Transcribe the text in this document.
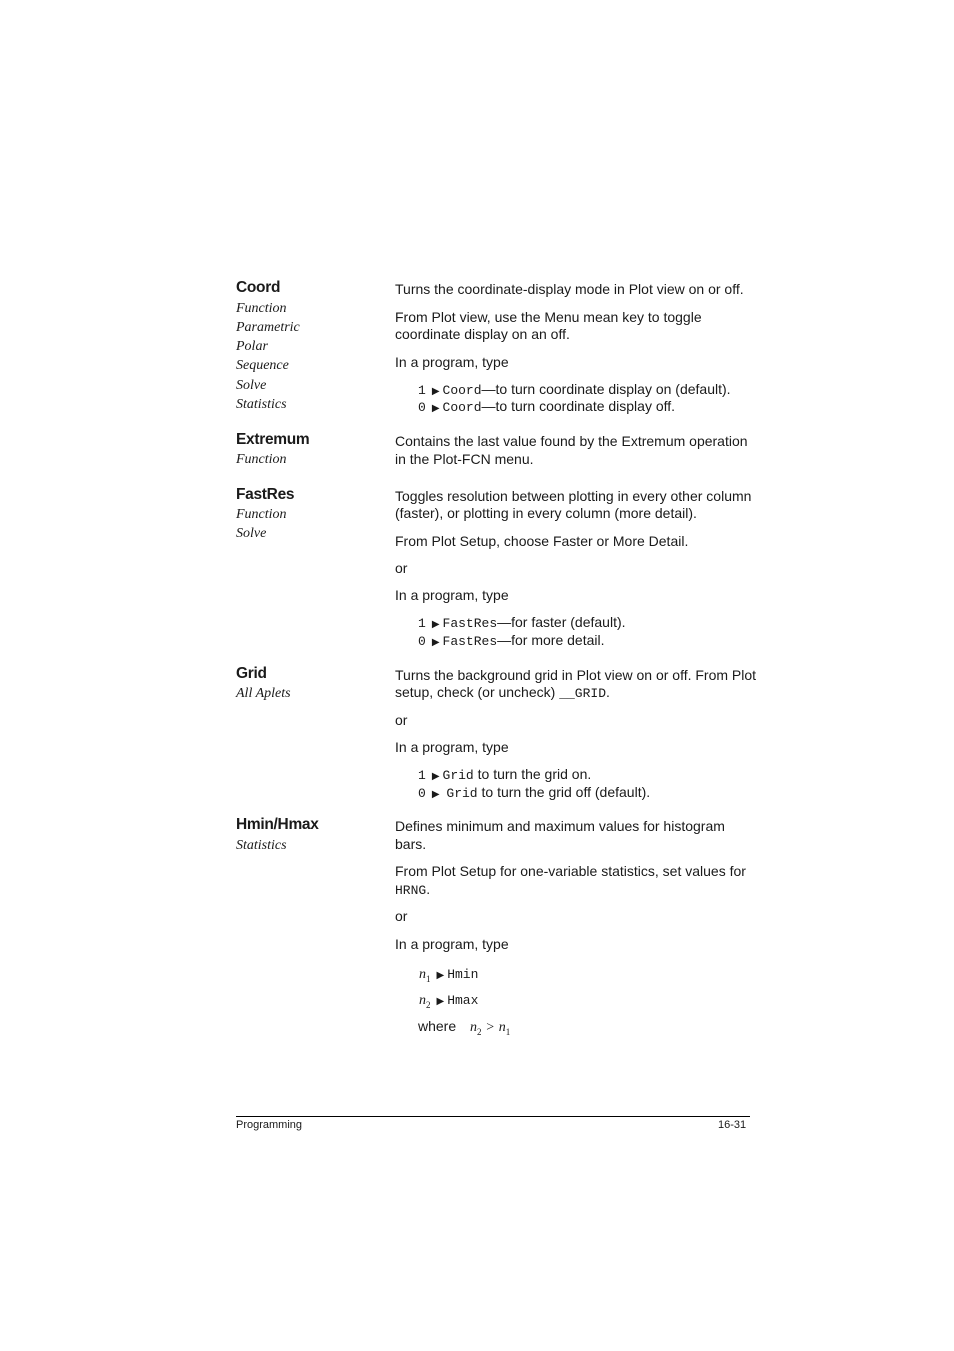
Coord
Function
Parametric
Polar
Sequence
Solve
Statistics
Turns the coordinate-display mode in Plot view on or off.
From Plot view, use the Menu mean key to toggle
coordinate display on an off.
In a program, type
1 ▶ Coord—to turn coordinate display on (default).
0 ▶ Coord—to turn coordinate display off.
Extremum
Function
Contains the last value found by the Extremum operation
in the Plot-FCN menu.
FastRes
Function
Solve
Toggles resolution between plotting in every other column
(faster), or plotting in every column (more detail).
From Plot Setup, choose Faster or More Detail.
or
In a program, type
1 ▶ FastRes—for faster (default).
0 ▶ FastRes—for more detail.
Grid
All Aplets
Turns the background grid in Plot view on or off. From Plot
setup, check (or uncheck) __GRID.
or
In a program, type
1 ▶ Grid to turn the grid on.
0 ▶ Grid to turn the grid off (default).
Hmin/Hmax
Statistics
Defines minimum and maximum values for histogram
bars.
From Plot Setup for one-variable statistics, set values for
HRNG.
or
In a program, type
$n_1$ ▶ Hmin
$n_2$ ▶ Hmax
where $n_2 > n_1$
Programming	16-31
